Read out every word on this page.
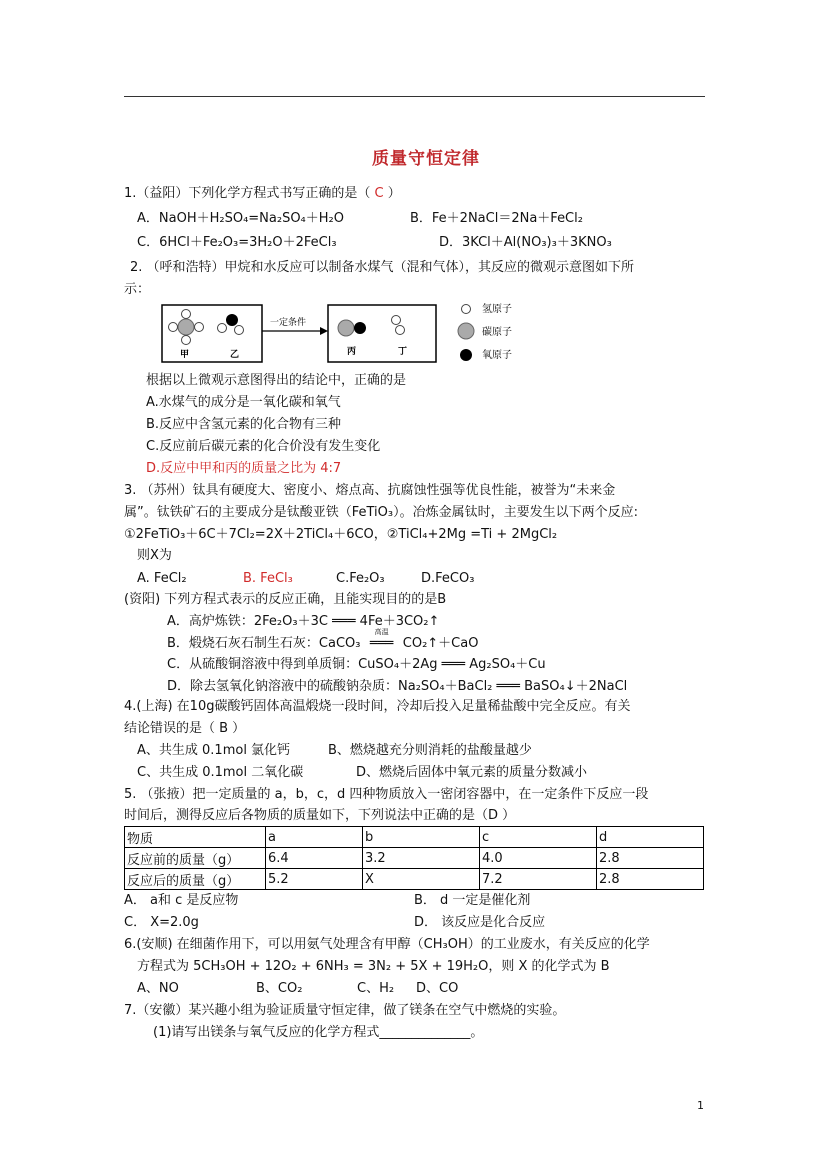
质量守恒定律
1.（益阳）下列化学方程式书写正确的是（ C ）
A．NaOH＋H₂SO₄=Na₂SO₄＋H₂O	B．Fe＋2NaCl＝2Na＋FeCl₂
C．6HCl＋Fe₂O₃=3H₂O＋2FeCl₃	D．3KCl＋Al(NO₃)₃＋3KNO₃
2. （呼和浩特）甲烷和水反应可以制备水煤气（混和气体），其反应的微观示意图如下所
示：
一定条件
甲	乙	丙	丁
氢原子
碳原子
氧原子
根据以上微观示意图得出的结论中，正确的是
A.水煤气的成分是一氧化碳和氧气
B.反应中含氢元素的化合物有三种
C.反应前后碳元素的化合价没有发生变化
D.反应中甲和丙的质量之比为 4:7
3. （苏州）钛具有硬度大、密度小、熔点高、抗腐蚀性强等优良性能，被誉为“未来金
属”。钛铁矿石的主要成分是钛酸亚铁（FeTiO₃）。冶炼金属钛时，主要发生以下两个反应:
①2FeTiO₃＋6C＋7Cl₂=2X＋2TiCl₄＋6CO，②TiCl₄+2Mg =Ti + 2MgCl₂
则X为
A. FeCl₂	B. FeCl₃	C.Fe₂O₃	D.FeCO₃
(资阳) 下列方程式表示的反应正确，且能实现目的的是B
A．高炉炼铁：2Fe₂O₃＋3C ═══ 4Fe＋3CO₂↑
B．煅烧石灰石制生石灰：CaCO₃
高温
═══ CO₂↑＋CaO
C．从硫酸铜溶液中得到单质铜：CuSO₄＋2Ag ═══ Ag₂SO₄＋Cu
D．除去氢氧化钠溶液中的硫酸钠杂质：Na₂SO₄＋BaCl₂ ═══ BaSO₄↓＋2NaCl
4.(上海) 在10g碳酸钙固体高温煅烧一段时间，冷却后投入足量稀盐酸中完全反应。有关
结论错误的是（ B ）
A、共生成 0.1mol 氯化钙	B、燃烧越充分则消耗的盐酸量越少
C、共生成 0.1mol 二氧化碳	D、燃烧后固体中氧元素的质量分数减小
5. （张掖）把一定质量的 a，b，c，d 四种物质放入一密闭容器中，在一定条件下反应一段
时间后，测得反应后各物质的质量如下，下列说法中正确的是（D ）
物质	a	b	c	d
反应前的质量（g）	6.4	3.2	4.0	2.8
反应后的质量（g）	5.2	X	7.2	2.8
A． a和 c 是反应物	B． d 一定是催化剂
C． X=2.0g	D． 该反应是化合反应
6.(安顺) 在细菌作用下，可以用氨气处理含有甲醇（CH₃OH）的工业废水，有关反应的化学
方程式为 5CH₃OH + 12O₂ + 6NH₃ = 3N₂ + 5X + 19H₂O，则 X 的化学式为 B
A、NO	B、CO₂	C、H₂ D、CO
7.（安徽）某兴趣小组为验证质量守恒定律，做了镁条在空气中燃烧的实验。
(1)请写出镁条与氧气反应的化学方程式______________。
1
